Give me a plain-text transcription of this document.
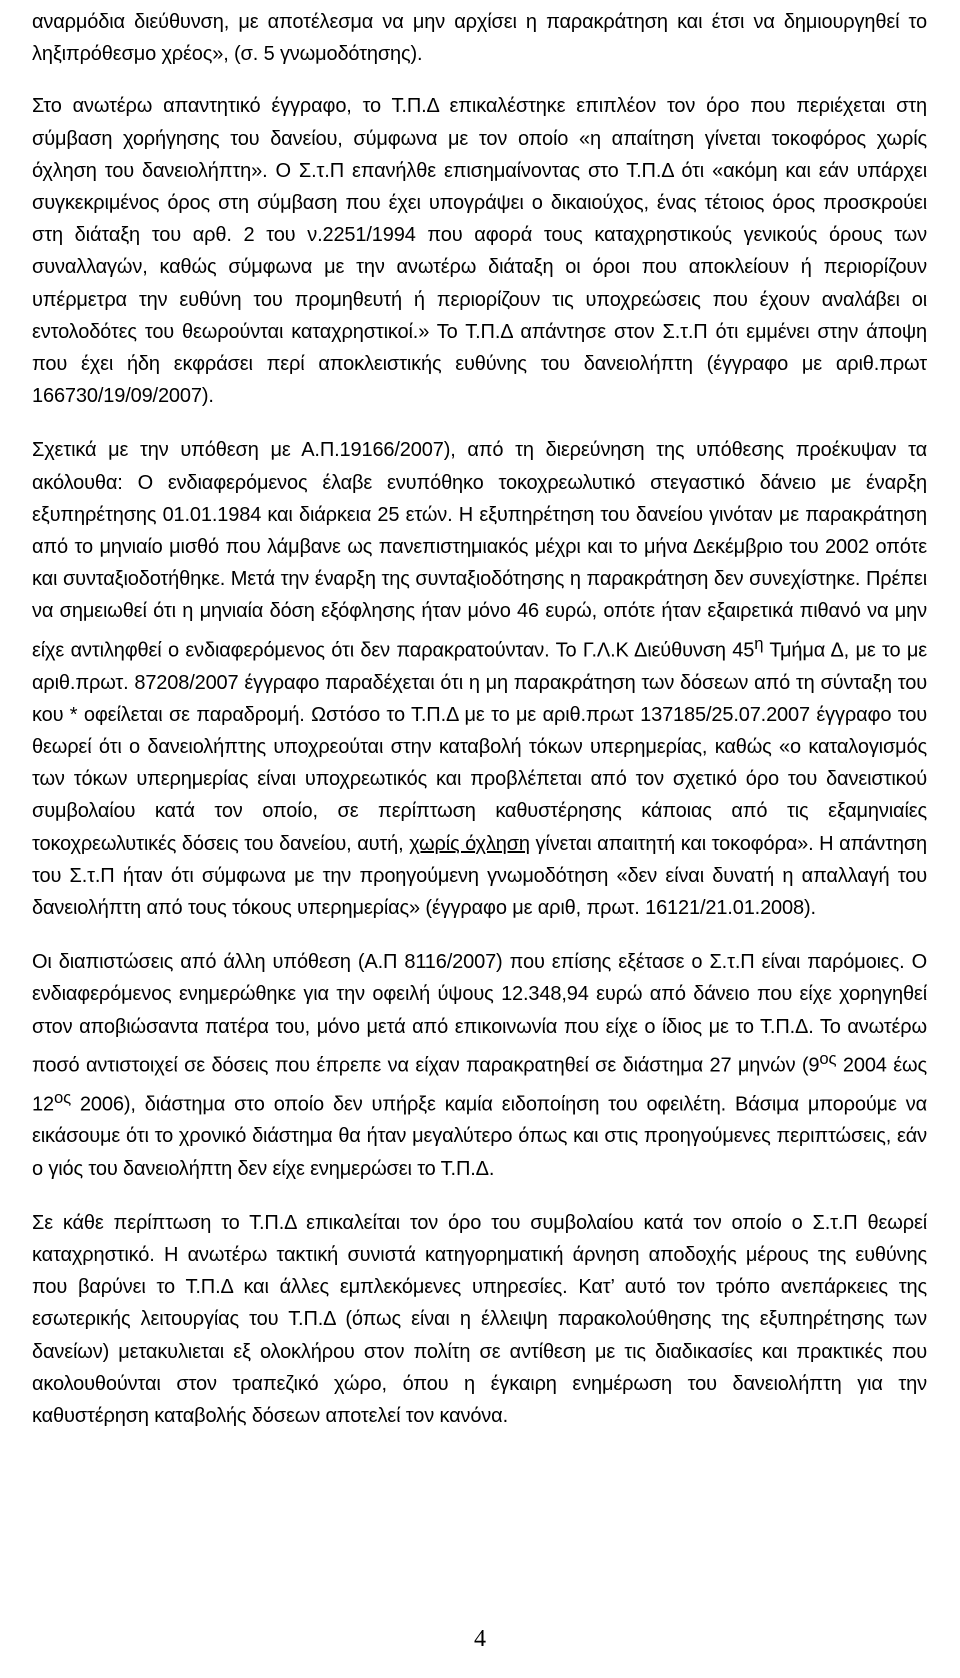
αναρμόδια διεύθυνση, με αποτέλεσμα να μην αρχίσει η παρακράτηση και έτσι να δημιουργηθεί το ληξιπρόθεσμο χρέος», (σ. 5 γνωμοδότησης).

Στο ανωτέρω απαντητικό έγγραφο, το Τ.Π.Δ επικαλέστηκε επιπλέον τον όρο που περιέχεται στη σύμβαση χορήγησης του δανείου, σύμφωνα με τον οποίο «η απαίτηση γίνεται τοκοφόρος χωρίς όχληση του δανειολήπτη». Ο Σ.τ.Π επανήλθε επισημαίνοντας στο Τ.Π.Δ ότι «ακόμη και εάν υπάρχει συγκεκριμένος όρος στη σύμβαση που έχει υπογράψει ο δικαιούχος, ένας τέτοιος όρος προσκρούει στη διάταξη του αρθ. 2 του ν.2251/1994 που αφορά τους καταχρηστικούς γενικούς όρους των συναλλαγών, καθώς σύμφωνα με την ανωτέρω διάταξη οι όροι που αποκλείουν ή περιορίζουν υπέρμετρα την ευθύνη του προμηθευτή ή περιορίζουν τις υποχρεώσεις που έχουν αναλάβει οι εντολοδότες του θεωρούνται καταχρηστικοί.» Το Τ.Π.Δ απάντησε στον Σ.τ.Π ότι εμμένει στην άποψη που έχει ήδη εκφράσει περί αποκλειστικής ευθύνης του δανειολήπτη (έγγραφο με αριθ.πρωτ 166730/19/09/2007).

Σχετικά με την υπόθεση με Α.Π.19166/2007), από τη διερεύνηση της υπόθεσης προέκυψαν τα ακόλουθα: Ο ενδιαφερόμενος έλαβε ενυπόθηκο τοκοχρεωλυτικό στεγαστικό δάνειο με έναρξη εξυπηρέτησης 01.01.1984 και διάρκεια 25 ετών. Η εξυπηρέτηση του δανείου γινόταν με παρακράτηση από το μηνιαίο μισθό που λάμβανε ως πανεπιστημιακός μέχρι και το μήνα Δεκέμβριο του 2002 οπότε και συνταξιοδοτήθηκε. Μετά την έναρξη της συνταξιοδότησης η παρακράτηση δεν συνεχίστηκε. Πρέπει να σημειωθεί ότι η μηνιαία δόση εξόφλησης ήταν μόνο 46 ευρώ, οπότε ήταν εξαιρετικά πιθανό να μην είχε αντιληφθεί ο ενδιαφερόμενος ότι δεν παρακρατούνταν. Το Γ.Λ.Κ Διεύθυνση $45^\eta$ Τμήμα Δ, με το με αριθ.πρωτ. 87208/2007 έγγραφο παραδέχεται ότι η μη παρακράτηση των δόσεων από τη σύνταξη του κου * οφείλεται σε παραδρομή. Ωστόσο το Τ.Π.Δ με το με αριθ.πρωτ 137185/25.07.2007 έγγραφο του θεωρεί ότι ο δανειολήπτης υποχρεούται στην καταβολή τόκων υπερημερίας, καθώς «ο καταλογισμός των τόκων υπερημερίας είναι υποχρεωτικός και προβλέπεται από τον σχετικό όρο του δανειστικού συμβολαίου κατά τον οποίο, σε περίπτωση καθυστέρησης κάποιας από τις εξαμηνιαίες τοκοχρεωλυτικές δόσεις του δανείου, αυτή, χωρίς όχληση γίνεται απαιτητή και τοκοφόρα». Η απάντηση του Σ.τ.Π ήταν ότι σύμφωνα με την προηγούμενη γνωμοδότηση «δεν είναι δυνατή η απαλλαγή του δανειολήπτη από τους τόκους υπερημερίας» (έγγραφο με αριθ, πρωτ. 16121/21.01.2008).

Οι διαπιστώσεις από άλλη υπόθεση (Α.Π 8116/2007) που επίσης εξέτασε ο Σ.τ.Π είναι παρόμοιες. Ο ενδιαφερόμενος ενημερώθηκε για την οφειλή ύψους 12.348,94 ευρώ από δάνειο που είχε χορηγηθεί στον αποβιώσαντα πατέρα του, μόνο μετά από επικοινωνία που είχε ο ίδιος με το Τ.Π.Δ. Το ανωτέρω ποσό αντιστοιχεί σε δόσεις που έπρεπε να είχαν παρακρατηθεί σε διάστημα 27 μηνών ($9^{o\varsigma}$ 2004 έως $12^{o\varsigma}$ 2006), διάστημα στο οποίο δεν υπήρξε καμία ειδοποίηση του οφειλέτη. Βάσιμα μπορούμε να εικάσουμε ότι το χρονικό διάστημα θα ήταν μεγαλύτερο όπως και στις προηγούμενες περιπτώσεις, εάν ο γιός του δανειολήπτη δεν είχε ενημερώσει το Τ.Π.Δ.

Σε κάθε περίπτωση το Τ.Π.Δ επικαλείται τον όρο του συμβολαίου κατά τον οποίο ο Σ.τ.Π θεωρεί καταχρηστικό. Η ανωτέρω τακτική συνιστά κατηγορηματική άρνηση αποδοχής μέρους της ευθύνης που βαρύνει το Τ.Π.Δ και άλλες εμπλεκόμενες υπηρεσίες. Κατ’ αυτό τον τρόπο ανεπάρκειες της εσωτερικής λειτουργίας του Τ.Π.Δ (όπως είναι η έλλειψη παρακολούθησης της εξυπηρέτησης των δανείων) μετακυλιεται εξ ολοκλήρου στον πολίτη σε αντίθεση με τις διαδικασίες και πρακτικές που ακολουθούνται στον τραπεζικό χώρο, όπου η έγκαιρη ενημέρωση του δανειολήπτη για την καθυστέρηση καταβολής δόσεων αποτελεί τον κανόνα.

4
